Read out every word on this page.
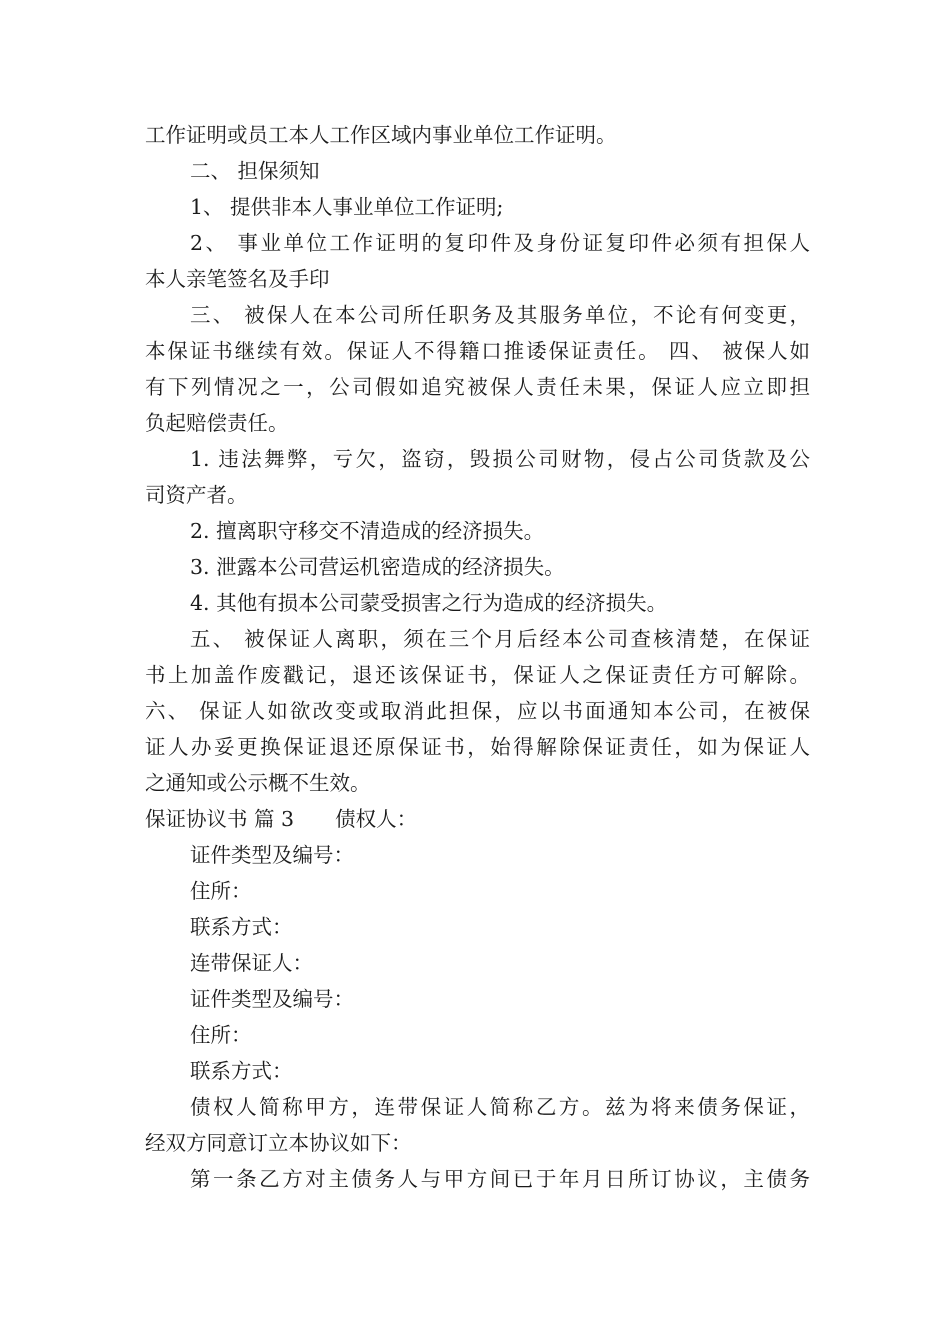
工作证明或员工本人工作区域内事业单位工作证明。
二、 担保须知
1、 提供非本人事业单位工作证明;
2、 事业单位工作证明的复印件及身份证复印件必须有担保人
本人亲笔签名及手印
三、 被保人在本公司所任职务及其服务单位，不论有何变更，
本保证书继续有效。保证人不得籍口推诿保证责任。 四、 被保人如
有下列情况之一，公司假如追究被保人责任未果，保证人应立即担
负起赔偿责任。
1. 违法舞弊，亏欠，盗窃，毁损公司财物，侵占公司货款及公
司资产者。
2. 擅离职守移交不清造成的经济损失。
3. 泄露本公司营运机密造成的经济损失。
4. 其他有损本公司蒙受损害之行为造成的经济损失。
五、 被保证人离职，须在三个月后经本公司查核清楚，在保证
书上加盖作废戳记，退还该保证书，保证人之保证责任方可解除。
六、 保证人如欲改变或取消此担保，应以书面通知本公司，在被保
证人办妥更换保证退还原保证书，始得解除保证责任，如为保证人
之通知或公示概不生效。
保证协议书 篇 3　　债权人：
证件类型及编号：
住所：
联系方式：
连带保证人：
证件类型及编号：
住所：
联系方式：
债权人简称甲方，连带保证人简称乙方。兹为将来债务保证，
经双方同意订立本协议如下：
第一条乙方对主债务人与甲方间已于年月日所订协议，主债务
